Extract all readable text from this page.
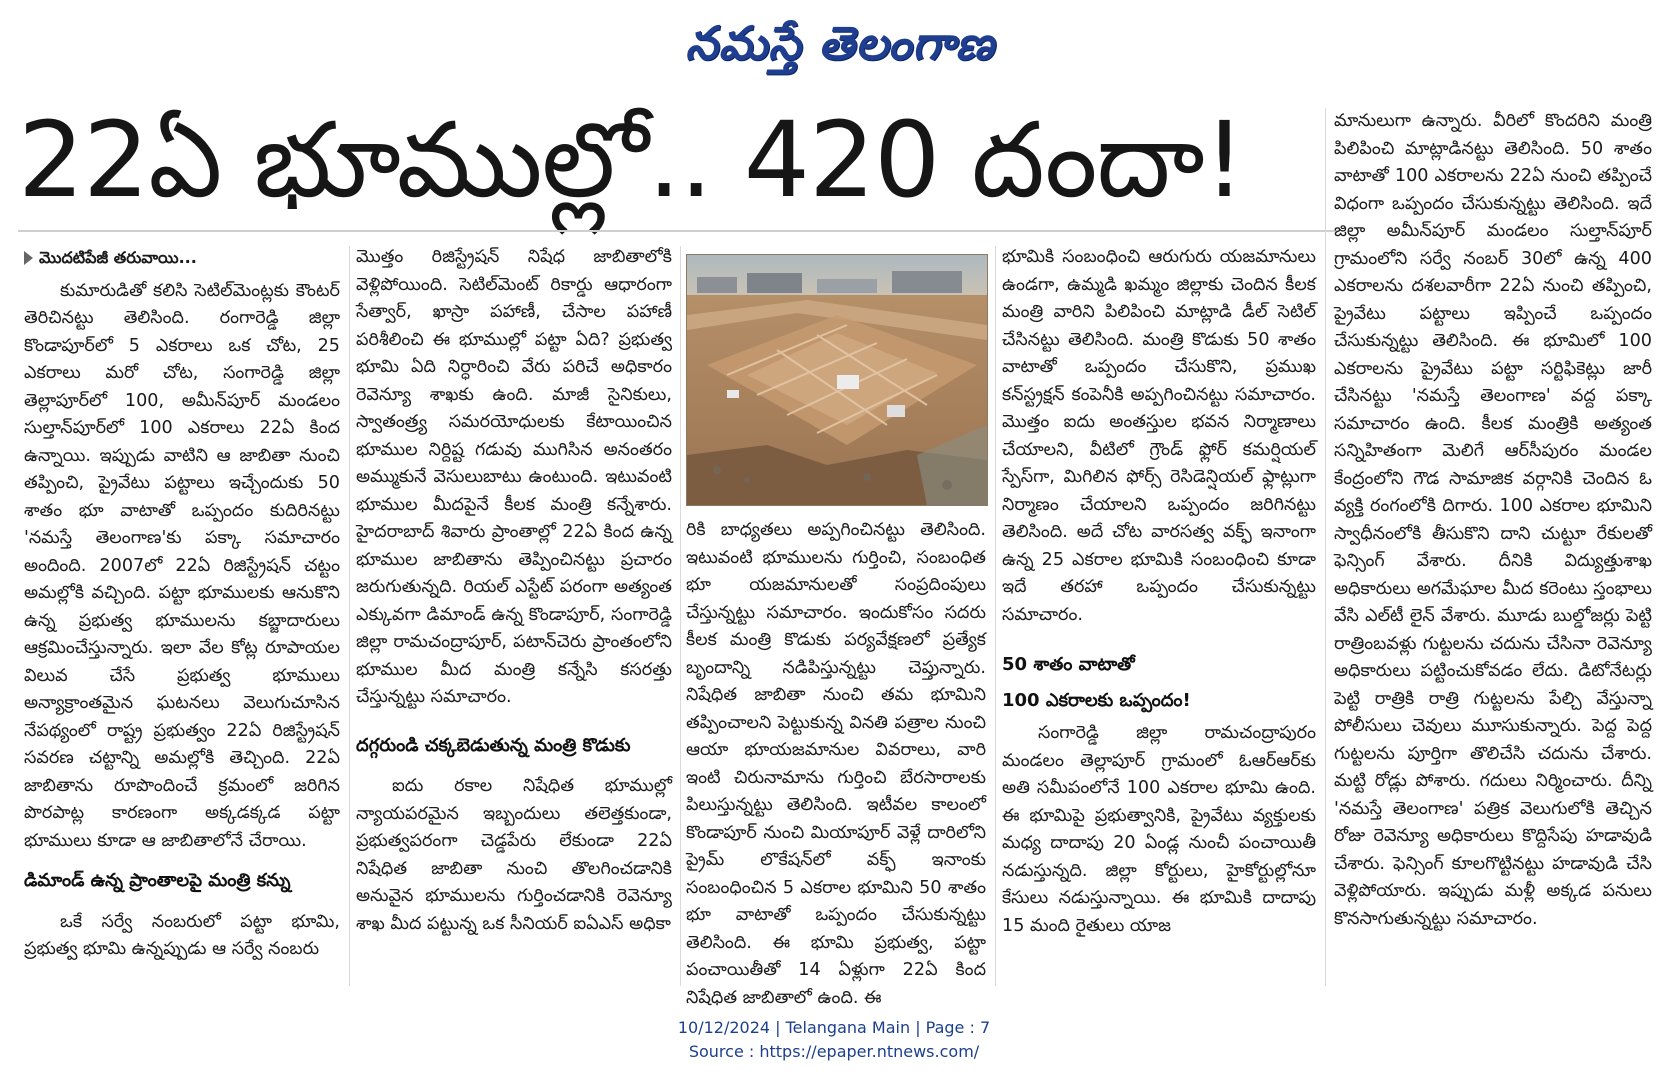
నమస్తే తెలంగాణ
22ఏ భూముల్లో.. 420 దందా!
మొదటిపేజీ తరువాయి...

కుమారుడితో కలిసి సెటిల్‌మెంట్లకు కౌంటర్ తెరిచినట్టు తెలిసింది. రంగారెడ్డి జిల్లా కొండాపూర్‌లో 5 ఎకరాలు ఒక చోట, 25 ఎకరాలు మరో చోట, సంగారెడ్డి జిల్లా తెల్లాపూర్‌లో 100, అమీన్‌పూర్ మండలం సుల్తాన్‌పూర్‌లో 100 ఎకరాలు 22ఏ కింద ఉన్నాయి. ఇప్పుడు వాటిని ఆ జాబితా నుంచి తప్పించి, ప్రైవేటు పట్టాలు ఇచ్చేందుకు 50 శాతం భూ వాటాతో ఒప్పందం కుదిరినట్టు 'నమస్తే తెలంగాణ'కు పక్కా సమాచారం అందింది. 2007లో 22ఏ రిజిస్ట్రేషన్ చట్టం అమల్లోకి వచ్చింది. పట్టా భూములకు ఆనుకొని ఉన్న ప్రభుత్వ భూములను కబ్జాదారులు ఆక్రమించేస్తున్నారు. ఇలా వేల కోట్ల రూపాయల విలువ చేసే ప్రభుత్వ భూములు అన్యాక్రాంతమైన ఘటనలు వెలుగుచూసిన నేపథ్యంలో రాష్ట్ర ప్రభుత్వం 22ఏ రిజిస్ట్రేషన్ సవరణ చట్టాన్ని అమల్లోకి తెచ్చింది. 22ఏ జాబితాను రూపొందించే క్రమంలో జరిగిన పొరపాట్ల కారణంగా అక్కడక్కడ పట్టా భూములు కూడా ఆ జాబితాలోనే చేరాయి.

డిమాండ్ ఉన్న ప్రాంతాలపై మంత్రి కన్ను

ఒకే సర్వే నంబరులో పట్టా భూమి, ప్రభుత్వ భూమి ఉన్నప్పుడు ఆ సర్వే నంబరు

మొత్తం రిజిస్ట్రేషన్ నిషేధ జాబితాలోకి వెళ్లిపోయింది. సెటిల్‌మెంట్ రికార్డు ఆధారంగా సేత్వార్, ఖాస్రా పహాణీ, చేసాల పహాణీ పరిశీలించి ఈ భూముల్లో పట్టా ఏది? ప్రభుత్వ భూమి ఏది నిర్ధారించి వేరు పరిచే అధికారం రెవెన్యూ శాఖకు ఉంది. మాజీ సైనికులు, స్వాతంత్ర్య సమరయోధులకు కేటాయించిన భూముల నిర్దిష్ట గడువు ముగిసిన అనంతరం అమ్ముకునే వెసులుబాటు ఉంటుంది. ఇటువంటి భూముల మీదపైనే కీలక మంత్రి కన్నేశారు. హైదరాబాద్ శివారు ప్రాంతాల్లో 22ఏ కింద ఉన్న భూముల జాబితాను తెప్పించినట్టు ప్రచారం జరుగుతున్నది. రియల్ ఎస్టేట్ పరంగా అత్యంత ఎక్కువగా డిమాండ్ ఉన్న కొండాపూర్, సంగారెడ్డి జిల్లా రామచంద్రాపూర్, పటాన్‌చెరు ప్రాంతంలోని భూముల మీద మంత్రి కన్నేసి కసరత్తు చేస్తున్నట్టు సమాచారం.

దగ్గరుండి చక్కబెడుతున్న మంత్రి కొడుకు

ఐదు రకాల నిషేధిత భూముల్లో న్యాయపరమైన ఇబ్బందులు తలెత్తకుండా, ప్రభుత్వపరంగా చెడ్డపేరు లేకుండా 22ఏ నిషేధిత జాబితా నుంచి తొలగించడానికి అనువైన భూములను గుర్తించడానికి రెవెన్యూ శాఖ మీద పట్టున్న ఒక సీనియర్ ఐఏఎస్ అధికా

రికి బాధ్యతలు అప్పగించినట్టు తెలిసింది. ఇటువంటి భూములను గుర్తించి, సంబంధిత భూ యజమానులతో సంప్రదింపులు చేస్తున్నట్టు సమాచారం. ఇందుకోసం సదరు కీలక మంత్రి కొడుకు పర్యవేక్షణలో ప్రత్యేక బృందాన్ని నడిపిస్తున్నట్టు చెప్తున్నారు. నిషేధిత జాబితా నుంచి తమ భూమిని తప్పించాలని పెట్టుకున్న వినతి పత్రాల నుంచి ఆయా భూయజమానుల వివరాలు, వారి ఇంటి చిరునామాను గుర్తించి బేరసారాలకు పిలుస్తున్నట్టు తెలిసింది. ఇటీవల కాలంలో కొండాపూర్ నుంచి మియాపూర్ వెళ్లే దారిలోని ప్రైమ్ లొకేషన్‌లో వక్ఫ్ ఇనాంకు సంబంధించిన 5 ఎకరాల భూమిని 50 శాతం భూ వాటాతో ఒప్పందం చేసుకున్నట్టు తెలిసింది. ఈ భూమి ప్రభుత్వ, పట్టా పంచాయితీతో 14 ఏళ్లుగా 22ఏ కింద నిషేధిత జాబితాలో ఉంది. ఈ

భూమికి సంబంధించి ఆరుగురు యజమానులు ఉండగా, ఉమ్మడి ఖమ్మం జిల్లాకు చెందిన కీలక మంత్రి వారిని పిలిపించి మాట్లాడి డీల్ సెటిల్ చేసినట్టు తెలిసింది. మంత్రి కొడుకు 50 శాతం వాటాతో ఒప్పందం చేసుకొని, ప్రముఖ కన్‌స్ట్రక్షన్ కంపెనీకి అప్పగించినట్టు సమాచారం. మొత్తం ఐదు అంతస్తుల భవన నిర్మాణాలు చేయాలని, వీటిలో గ్రౌండ్ ఫ్లోర్ కమర్షియల్ స్పేస్‌గా, మిగిలిన ఫోర్స్ రెసిడెన్షియల్ ఫ్లాట్లుగా నిర్మాణం చేయాలని ఒప్పందం జరిగినట్టు తెలిసింది. అదే చోట వారసత్వ వక్ఫ్ ఇనాంగా ఉన్న 25 ఎకరాల భూమికి సంబంధించి కూడా ఇదే తరహా ఒప్పందం చేసుకున్నట్టు సమాచారం.

50 శాతం వాటాతో

100 ఎకరాలకు ఒప్పందం!

సంగారెడ్డి జిల్లా రామచంద్రాపురం మండలం తెల్లాపూర్ గ్రామంలో ఓఆర్ఆర్‌కు అతి సమీపంలోనే 100 ఎకరాల భూమి ఉంది. ఈ భూమిపై ప్రభుత్వానికి, ప్రైవేటు వ్యక్తులకు మధ్య దాదాపు 20 ఏండ్ల నుంచీ పంచాయితీ నడుస్తున్నది. జిల్లా కోర్టులు, హైకోర్టుల్లోనూ కేసులు నడుస్తున్నాయి. ఈ భూమికి దాదాపు 15 మంది రైతులు యాజ

మానులుగా ఉన్నారు. వీరిలో కొందరిని మంత్రి పిలిపించి మాట్లాడినట్టు తెలిసింది. 50 శాతం వాటాతో 100 ఎకరాలను 22ఏ నుంచి తప్పించే విధంగా ఒప్పందం చేసుకున్నట్టు తెలిసింది. ఇదే జిల్లా అమీన్‌పూర్ మండలం సుల్తాన్‌పూర్ గ్రామంలోని సర్వే నంబర్ 30లో ఉన్న 400 ఎకరాలను దశలవారీగా 22ఏ నుంచి తప్పించి, ప్రైవేటు పట్టాలు ఇప్పించే ఒప్పందం చేసుకున్నట్టు తెలిసింది. ఈ భూమిలో 100 ఎకరాలను ప్రైవేటు పట్టా సర్టిఫికెట్లు జారీ చేసినట్టు 'నమస్తే తెలంగాణ' వద్ద పక్కా సమాచారం ఉంది. కీలక మంత్రికి అత్యంత సన్నిహితంగా మెలిగే ఆర్‌సీపురం మండల కేంద్రంలోని గౌడ సామాజిక వర్గానికి చెందిన ఓ వ్యక్తి రంగంలోకి దిగారు. 100 ఎకరాల భూమిని స్వాధీనంలోకి తీసుకొని దాని చుట్టూ రేకులతో ఫెన్సింగ్ వేశారు. దీనికి విద్యుత్తుశాఖ అధికారులు అగమేఘాల మీద కరెంటు స్తంభాలు వేసి ఎల్‌టీ లైన్ వేశారు. మూడు బుల్డోజర్లు పెట్టి రాత్రింబవళ్లు గుట్టలను చదును చేసినా రెవెన్యూ అధికారులు పట్టించుకోవడం లేదు. డిటోనేటర్లు పెట్టి రాత్రికి రాత్రి గుట్టలను పేల్చి వేస్తున్నా పోలీసులు చెవులు మూసుకున్నారు. పెద్ద పెద్ద గుట్టలను పూర్తిగా తొలిచేసి చదును చేశారు. మట్టి రోడ్లు పోశారు. గదులు నిర్మించారు. దీన్ని 'నమస్తే తెలంగాణ' పత్రిక వెలుగులోకి తెచ్చిన రోజు రెవెన్యూ అధికారులు కొద్దిసేపు హడావుడి చేశారు. ఫెన్సింగ్ కూలగొట్టినట్టు హడావుడి చేసి వెళ్లిపోయారు. ఇప్పుడు మళ్లీ అక్కడ పనులు కొనసాగుతున్నట్టు సమాచారం.

10/12/2024 | Telangana Main | Page : 7
Source : https://epaper.ntnews.com/
